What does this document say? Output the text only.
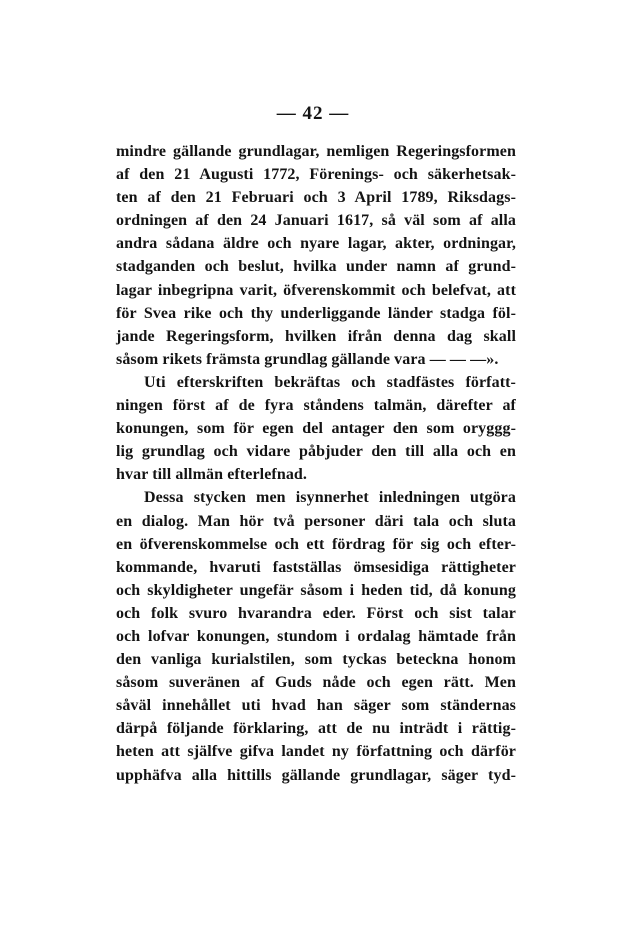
— 42 —
mindre gällande grundlagar, nemligen Regeringsformen
af den 21 Augusti 1772, Förenings- och säkerhetsak-
ten af den 21 Februari och 3 April 1789, Riksdags-
ordningen af den 24 Januari 1617, så väl som af alla
andra sådana äldre och nyare lagar, akter, ordningar,
stadganden och beslut, hvilka under namn af grund-
lagar inbegripna varit, öfverenskommit och belefvat, att
för Svea rike och thy underliggande länder stadga föl-
jande Regeringsform, hvilken ifrån denna dag skall
såsom rikets främsta grundlag gällande vara — — —».
Uti efterskriften bekräftas och stadfästes författ-
ningen först af de fyra ståndens talmän, därefter af
konungen, som för egen del antager den som oryggg-
lig grundlag och vidare påbjuder den till alla och en
hvar till allmän efterlefnad.
Dessa stycken men isynnerhet inledningen utgöra
en dialog. Man hör två personer däri tala och sluta
en öfverenskommelse och ett fördrag för sig och efter-
kommande, hvaruti fastställas ömsesidiga rättigheter
och skyldigheter ungefär såsom i heden tid, då konung
och folk svuro hvarandra eder. Först och sist talar
och lofvar konungen, stundom i ordalag hämtade från
den vanliga kurialstilen, som tyckas beteckna honom
såsom suveränen af Guds nåde och egen rätt. Men
såväl innehållet uti hvad han säger som ständernas
därpå följande förklaring, att de nu inträdt i rättig-
heten att själfve gifva landet ny författning och därför
upphäfva alla hittills gällande grundlagar, säger tyd-
